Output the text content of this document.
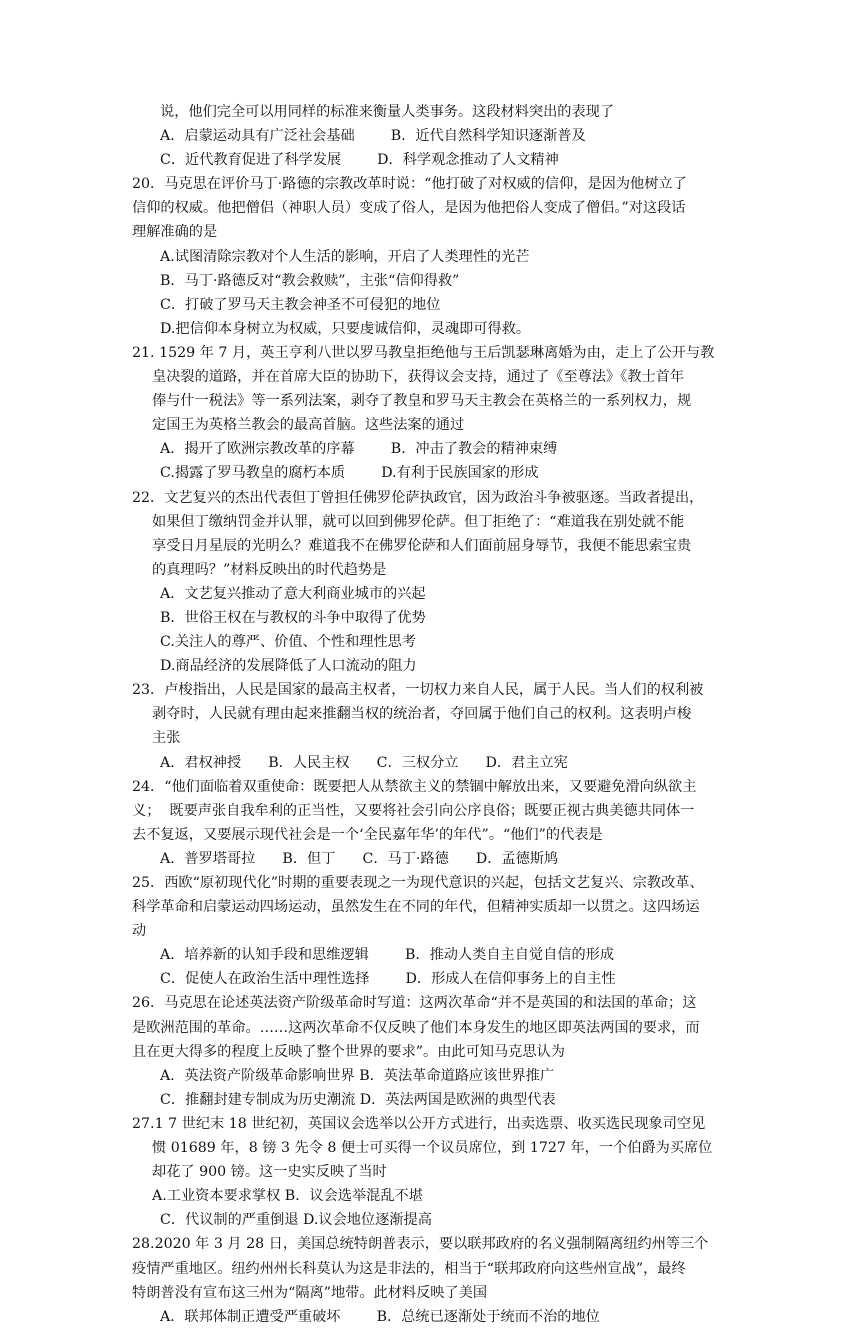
说，他们完全可以用同样的标准来衡量人类事务。这段材料突出的表现了

A．启蒙运动具有广泛社会基础        B．近代自然科学知识逐渐普及

C．近代教育促进了科学发展        D．科学观念推动了人文精神

20．马克思在评价马丁·路德的宗教改革时说：“他打破了对权威的信仰，是因为他树立了

信仰的权威。他把僧侣（神职人员）变成了俗人，是因为他把俗人变成了僧侣。”对这段话

理解准确的是

A.试图清除宗教对个人生活的影响，开启了人类理性的光芒

B．马丁·路德反对“教会救赎”，主张“信仰得救”

C．打破了罗马天主教会神圣不可侵犯的地位

D.把信仰本身树立为权威，只要虔诚信仰，灵魂即可得救。

21. 1529 年 7 月，英王亨利八世以罗马教皇拒绝他与王后凯瑟琳离婚为由，走上了公开与教

皇决裂的道路，并在首席大臣的协助下，获得议会支持，通过了《至尊法》《教士首年

俸与什一税法》等一系列法案，剥夺了教皇和罗马天主教会在英格兰的一系列权力，规

定国王为英格兰教会的最高首脑。这些法案的通过

A．揭开了欧洲宗教改革的序幕        B．冲击了教会的精神束缚

C.揭露了罗马教皇的腐朽本质        D.有利于民族国家的形成

22．文艺复兴的杰出代表但丁曾担任佛罗伦萨执政官，因为政治斗争被驱逐。当政者提出，

如果但丁缴纳罚金并认罪，就可以回到佛罗伦萨。但丁拒绝了：“难道我在别处就不能

享受日月星辰的光明么？难道我不在佛罗伦萨和人们面前屈身辱节，我便不能思索宝贵

的真理吗？”材料反映出的时代趋势是

A．文艺复兴推动了意大利商业城市的兴起

B．世俗王权在与教权的斗争中取得了优势

C.关注人的尊严、价值、个性和理性思考

D.商品经济的发展降低了人口流动的阻力

23．卢梭指出，人民是国家的最高主权者，一切权力来自人民，属于人民。当人们的权利被

剥夺时，人民就有理由起来推翻当权的统治者，夺回属于他们自己的权利。这表明卢梭

主张

A．君权神授      B．人民主权      C．三权分立      D．君主立宪

24．“他们面临着双重使命：既要把人从禁欲主义的禁锢中解放出来，又要避免滑向纵欲主

义；  既要声张自我牟利的正当性，又要将社会引向公序良俗；既要正视古典美德共同体一

去不复返，又要展示现代社会是一个‘全民嘉年华’的年代”。“他们”的代表是

A．普罗塔哥拉      B．但丁      C．马丁·路德      D．孟德斯鸠

25．西欧“原初现代化”时期的重要表现之一为现代意识的兴起，包括文艺复兴、宗教改革、

科学革命和启蒙运动四场运动，虽然发生在不同的年代，但精神实质却一以贯之。这四场运

动

A．培养新的认知手段和思维逻辑        B．推动人类自主自觉自信的形成

C．促使人在政治生活中理性选择        D．形成人在信仰事务上的自主性

26．马克思在论述英法资产阶级革命时写道：这两次革命“并不是英国的和法国的革命；这

是欧洲范围的革命。……这两次革命不仅反映了他们本身发生的地区即英法两国的要求，而

且在更大得多的程度上反映了整个世界的要求”。由此可知马克思认为

A．英法资产阶级革命影响世界 B．英法革命道路应该世界推广

C．推翻封建专制成为历史潮流 D．英法两国是欧洲的典型代表

27.1 7 世纪末 18 世纪初，英国议会选举以公开方式进行，出卖选票、收买选民现象司空见

惯 01689 年，8 镑 3 先令 8 便士可买得一个议员席位，到 1727 年，一个伯爵为买席位

却花了 900 镑。这一史实反映了当时

A.工业资本要求掌权 B．议会选举混乱不堪

C．代议制的严重倒退 D.议会地位逐渐提高

28.2020 年 3 月 28 日，美国总统特朗普表示，要以联邦政府的名义强制隔离纽约州等三个

疫情严重地区。纽约州州长科莫认为这是非法的，相当于“联邦政府向这些州宣战”，最终

特朗普没有宣布这三州为“隔离”地带。此材料反映了美国

A．联邦体制正遭受严重破坏        B．总统已逐渐处于统而不治的地位
